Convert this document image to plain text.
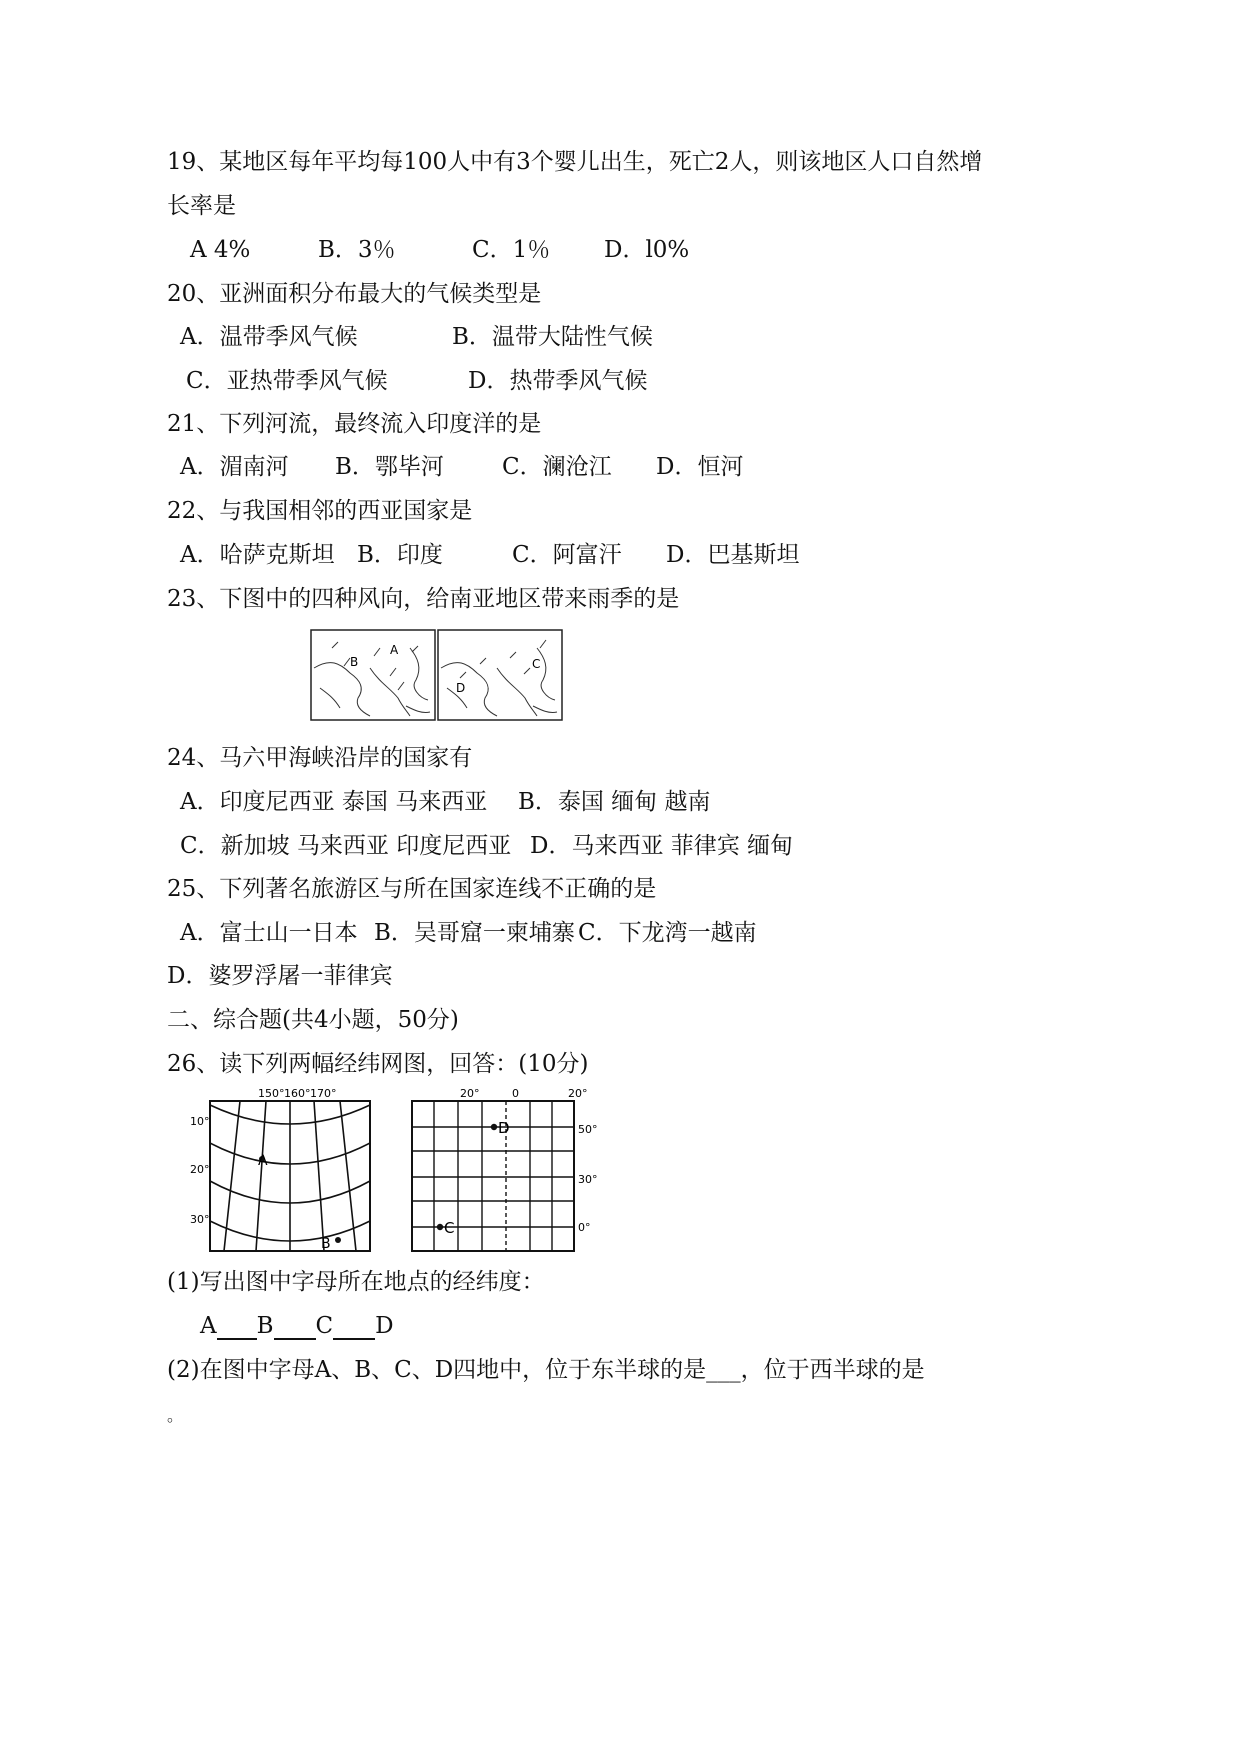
19、某地区每年平均每100人中有3个婴儿出生，死亡2人，则该地区人口自然增
长率是
A 4%	B．3％	C．1％ D．l0%
20、亚洲面积分布最大的气候类型是
A．温带季风气候	B．温带大陆性气候
C．亚热带季风气候	D．热带季风气候
21、下列河流，最终流入印度洋的是
A．湄南河 B．鄂毕河	C．澜沧江 D．恒河
22、与我国相邻的西亚国家是
A．哈萨克斯坦 B．印度	C．阿富汗 D．巴基斯坦
23、下图中的四种风向，给南亚地区带来雨季的是
B
A
D
C
24、马六甲海峡沿岸的国家有
A．印度尼西亚 泰国 马来西亚 B．泰国 缅甸 越南
C．新加坡 马来西亚 印度尼西亚 D．马来西亚 菲律宾 缅甸
25、下列著名旅游区与所在国家连线不正确的是
A．富士山一日本 B．吴哥窟一柬埔寨 C．下龙湾一越南
D．婆罗浮屠一菲律宾
二、综合题(共4小题，50分)
26、读下列两幅经纬网图，回答：(10分)
150° 160° 170°
10°
20°
30°
A
B
20°	0	20°
50°
30°
0°
D
C
(1)写出图中字母所在地点的经纬度：
A B C D
(2)在图中字母A、B、C、D四地中，位于东半球的是___，位于西半球的是
。
